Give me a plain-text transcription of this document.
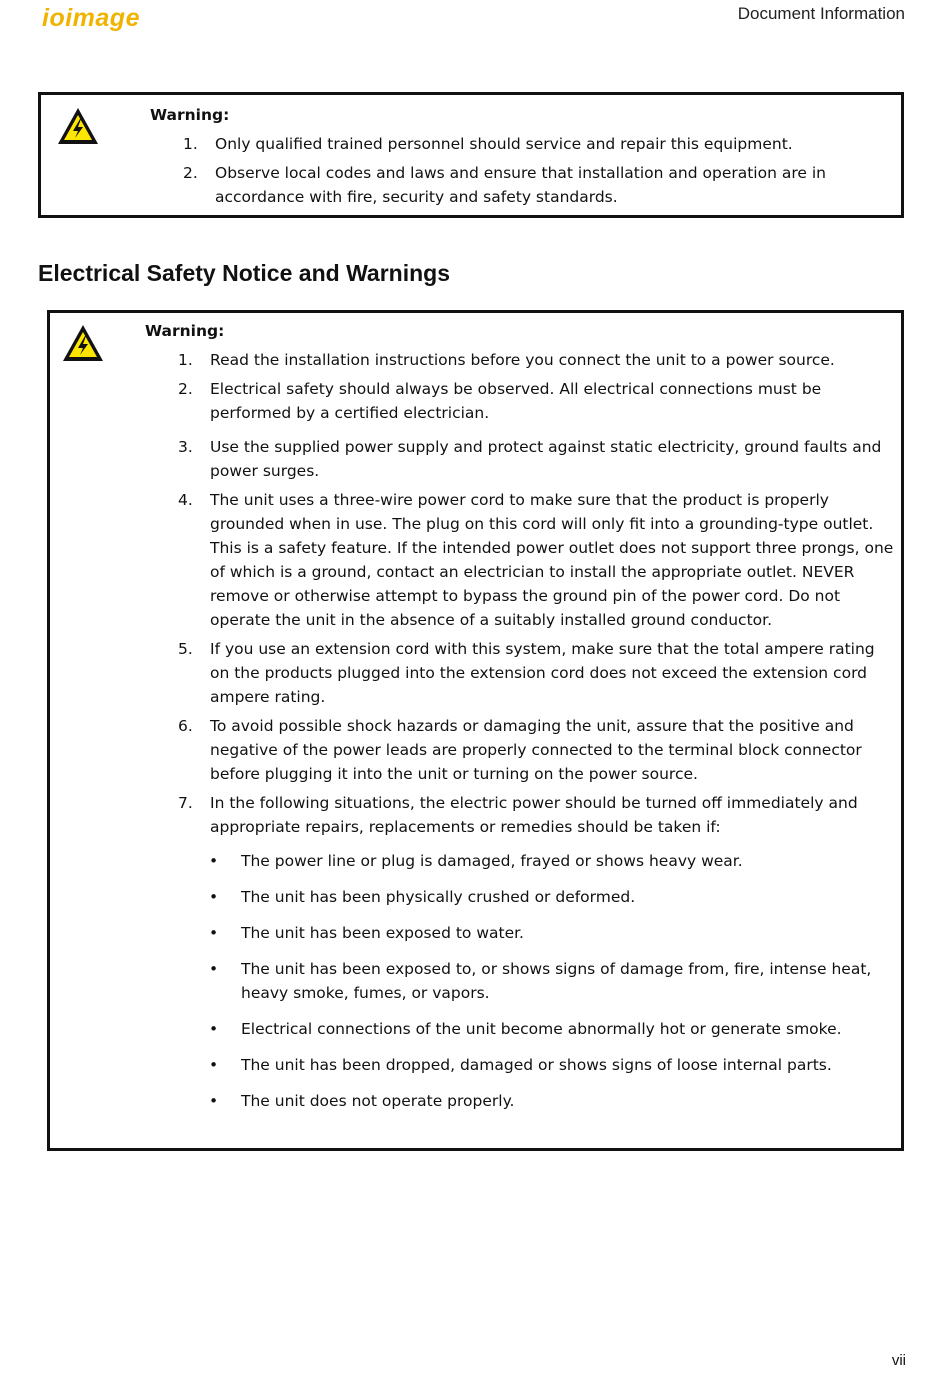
ioimage	Document Information
Warning:
1. Only qualified trained personnel should service and repair this equipment.
2. Observe local codes and laws and ensure that installation and operation are in accordance with fire, security and safety standards.
Electrical Safety Notice and Warnings
Warning:
1. Read the installation instructions before you connect the unit to a power source.
2. Electrical safety should always be observed. All electrical connections must be performed by a certified electrician.
3. Use the supplied power supply and protect against static electricity, ground faults and power surges.
4. The unit uses a three-wire power cord to make sure that the product is properly grounded when in use. The plug on this cord will only fit into a grounding-type outlet. This is a safety feature. If the intended power outlet does not support three prongs, one of which is a ground, contact an electrician to install the appropriate outlet. NEVER remove or otherwise attempt to bypass the ground pin of the power cord. Do not operate the unit in the absence of a suitably installed ground conductor.
5. If you use an extension cord with this system, make sure that the total ampere rating on the products plugged into the extension cord does not exceed the extension cord ampere rating.
6. To avoid possible shock hazards or damaging the unit, assure that the positive and negative of the power leads are properly connected to the terminal block connector before plugging it into the unit or turning on the power source.
7. In the following situations, the electric power should be turned off immediately and appropriate repairs, replacements or remedies should be taken if:
• The power line or plug is damaged, frayed or shows heavy wear.
• The unit has been physically crushed or deformed.
• The unit has been exposed to water.
• The unit has been exposed to, or shows signs of damage from, fire, intense heat, heavy smoke, fumes, or vapors.
• Electrical connections of the unit become abnormally hot or generate smoke.
• The unit has been dropped, damaged or shows signs of loose internal parts.
• The unit does not operate properly.
vii
